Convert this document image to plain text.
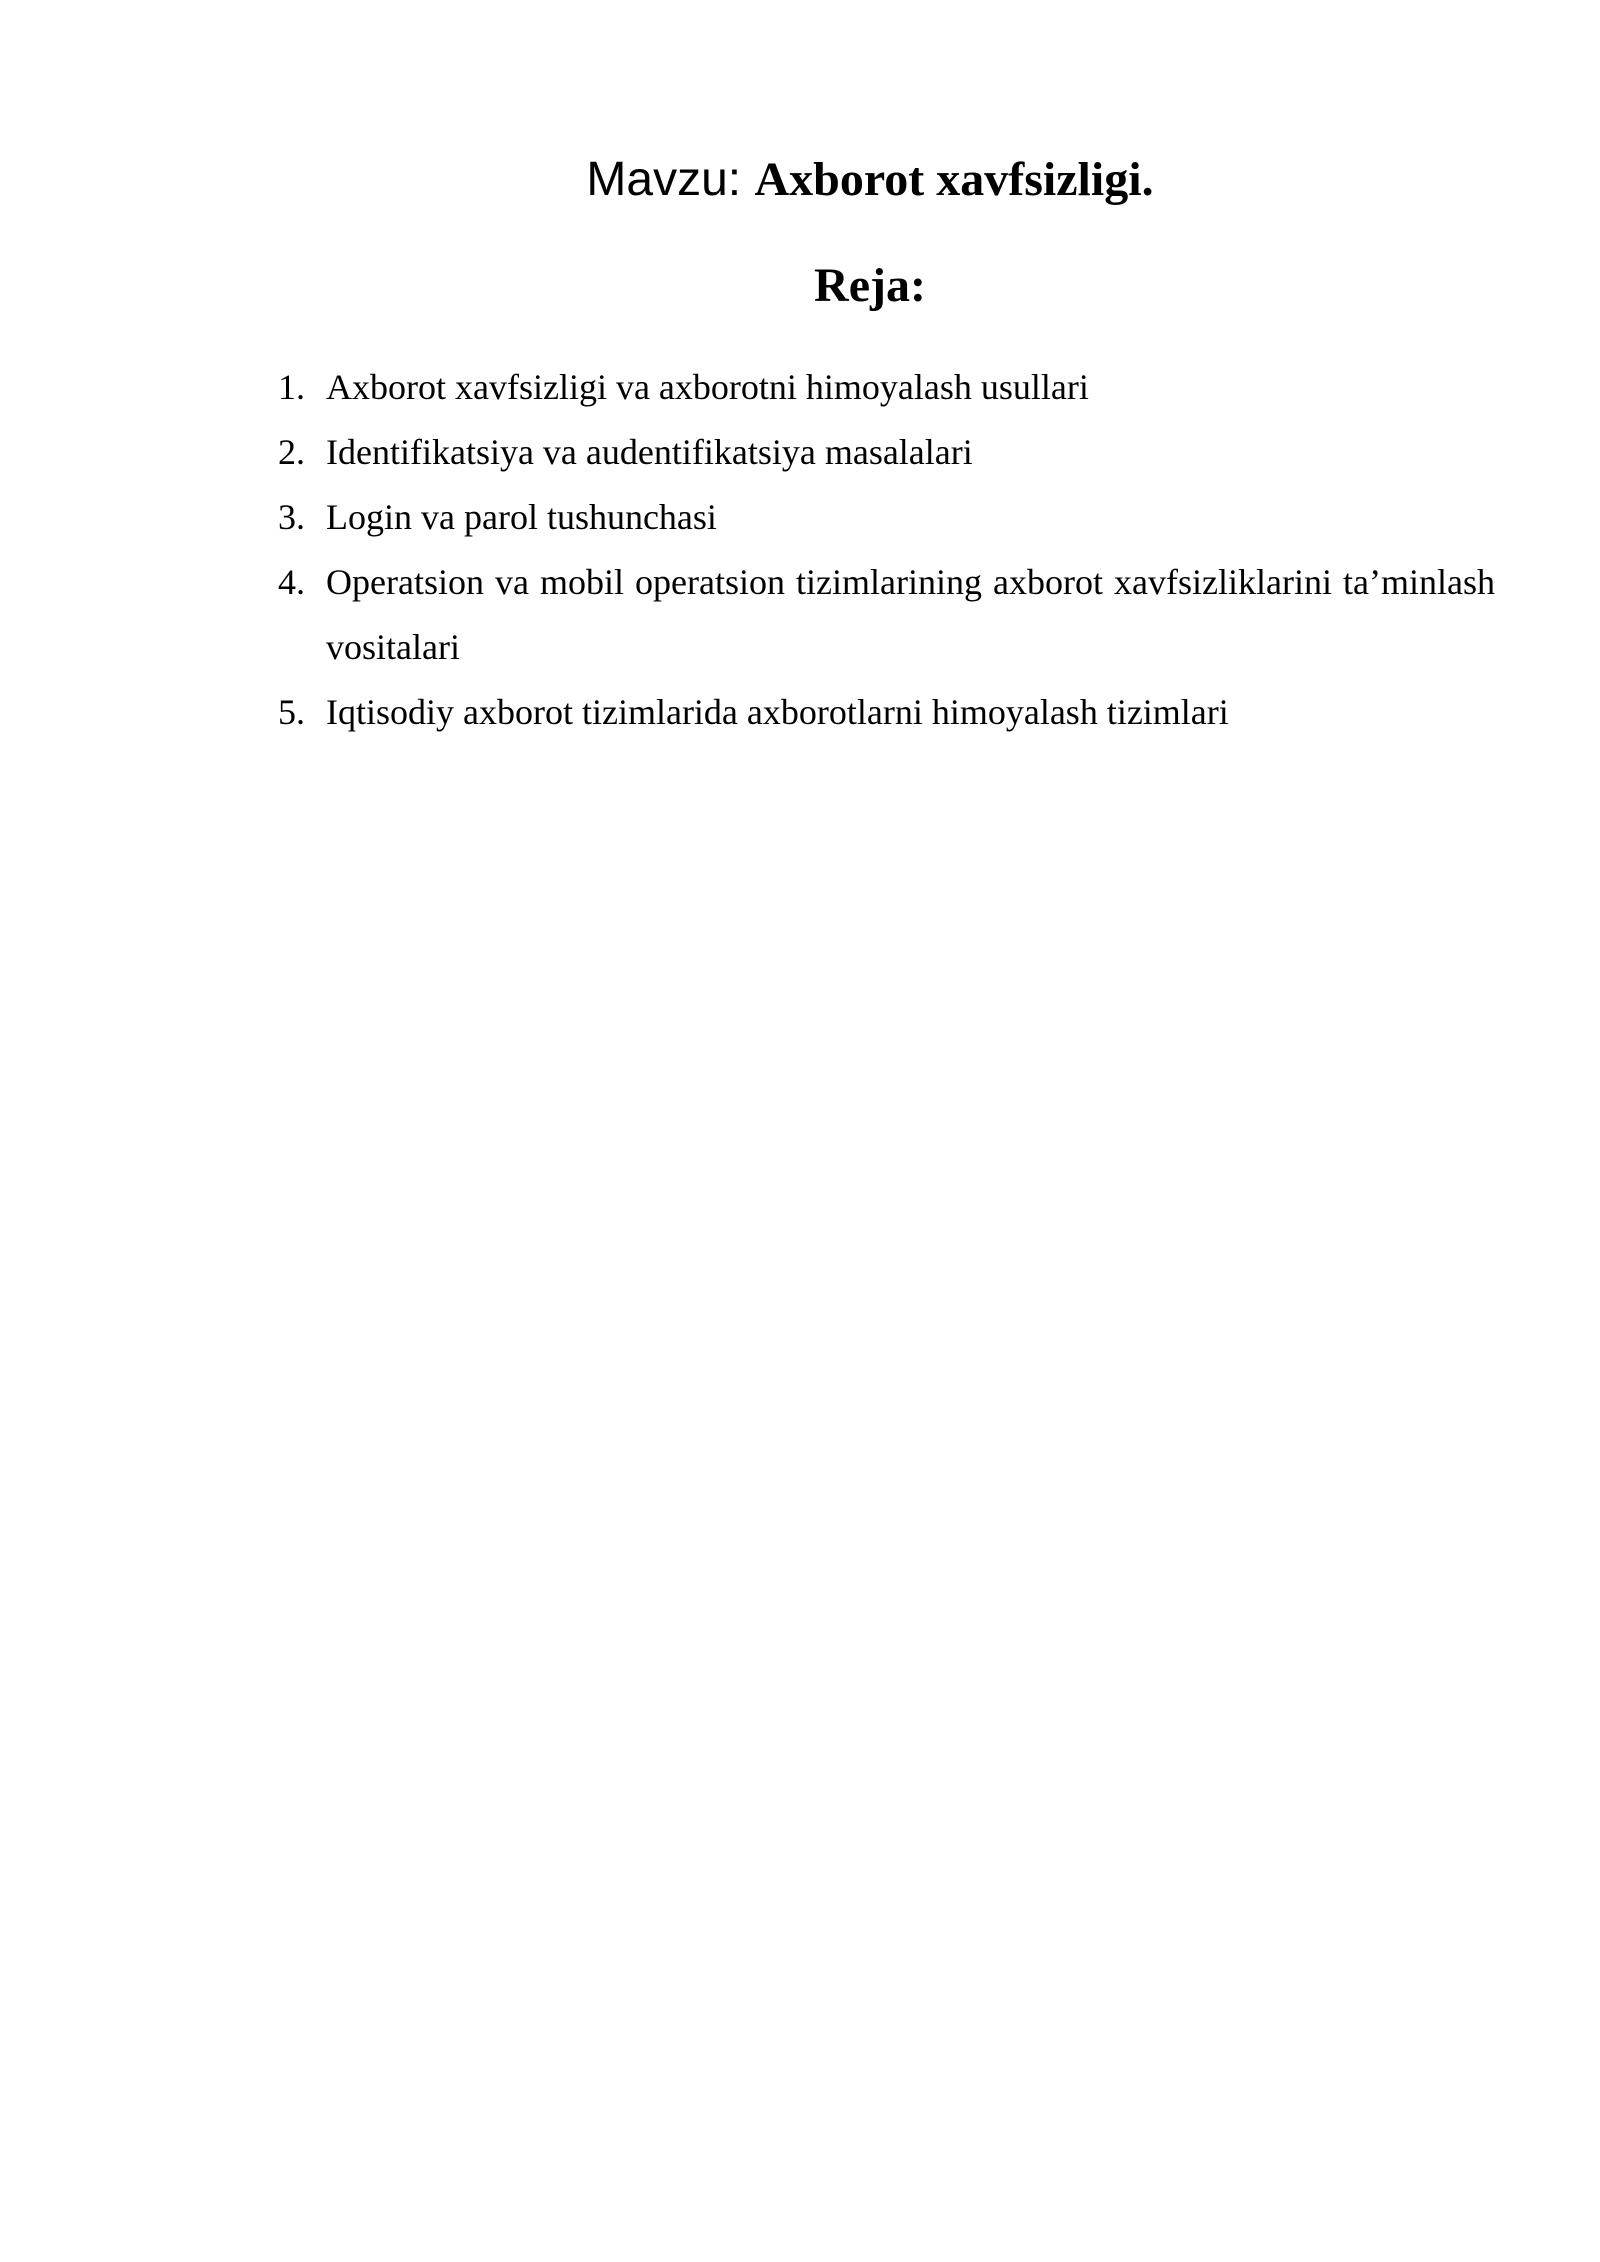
Mavzu: Axborot xavfsizligi.
Reja:
1. Axborot xavfsizligi va axborotni himoyalash usullari
2. Identifikatsiya va audentifikatsiya masalalari
3. Login va parol tushunchasi
4. Operatsion va mobil operatsion tizimlarining axborot xavfsizliklarini ta’minlash vositalari
5. Iqtisodiy axborot tizimlarida axborotlarni himoyalash tizimlari
